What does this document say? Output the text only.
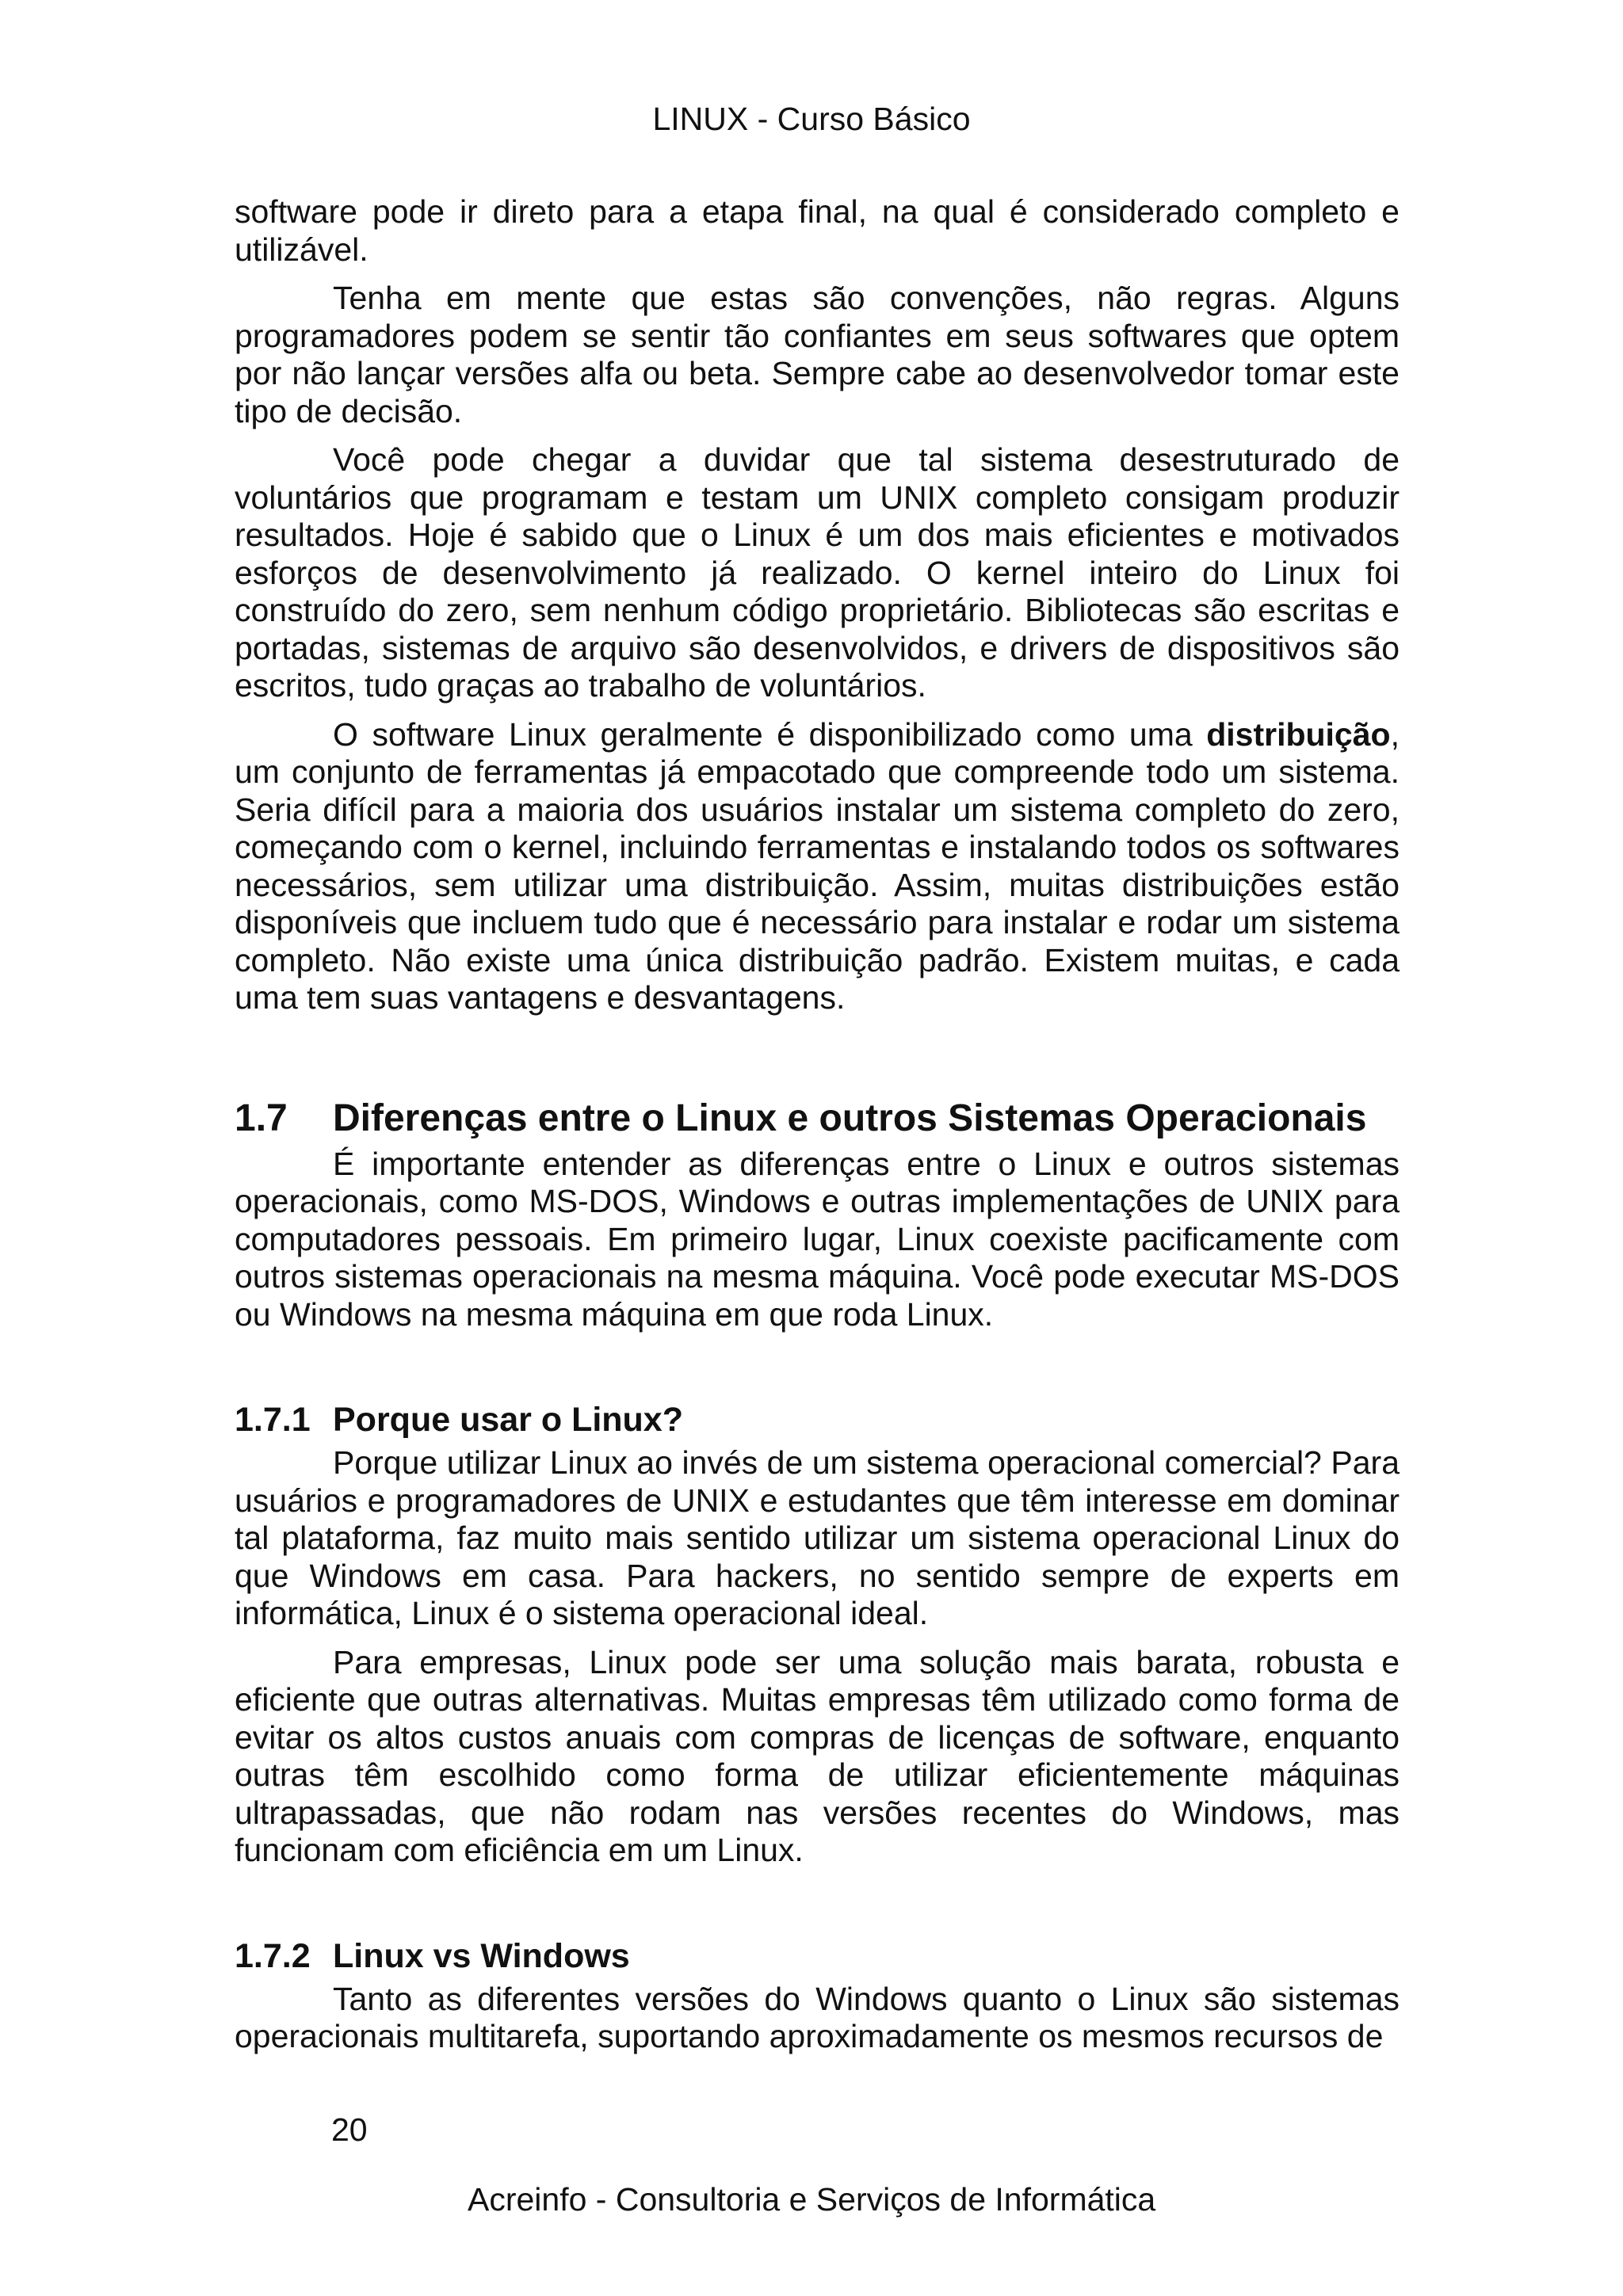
LINUX - Curso Básico

software pode ir direto para a etapa final, na qual é considerado completo e utilizável.

Tenha em mente que estas são convenções, não regras. Alguns programadores podem se sentir tão confiantes em seus softwares que optem por não lançar versões alfa ou beta. Sempre cabe ao desenvolvedor tomar este tipo de decisão.

Você pode chegar a duvidar que tal sistema desestruturado de voluntários que programam e testam um UNIX completo consigam produzir resultados. Hoje é sabido que o Linux é um dos mais eficientes e motivados esforços de desenvolvimento já realizado. O kernel inteiro do Linux foi construído do zero, sem nenhum código proprietário. Bibliotecas são escritas e portadas, sistemas de arquivo são desenvolvidos, e drivers de dispositivos são escritos, tudo graças ao trabalho de voluntários.

O software Linux geralmente é disponibilizado como uma distribuição, um conjunto de ferramentas já empacotado que compreende todo um sistema. Seria difícil para a maioria dos usuários instalar um sistema completo do zero, começando com o kernel, incluindo ferramentas e instalando todos os softwares necessários, sem utilizar uma distribuição. Assim, muitas distribuições estão disponíveis que incluem tudo que é necessário para instalar e rodar um sistema completo. Não existe uma única distribuição padrão. Existem muitas, e cada uma tem suas vantagens e desvantagens.

1.7	Diferenças entre o Linux e outros Sistemas Operacionais

É importante entender as diferenças entre o Linux e outros sistemas operacionais, como MS-DOS, Windows e outras implementações de UNIX para computadores pessoais. Em primeiro lugar, Linux coexiste pacificamente com outros sistemas operacionais na mesma máquina. Você pode executar MS-DOS ou Windows na mesma máquina em que roda Linux.

1.7.1 Porque usar o Linux?

Porque utilizar Linux ao invés de um sistema operacional comercial? Para usuários e programadores de UNIX e estudantes que têm interesse em dominar tal plataforma, faz muito mais sentido utilizar um sistema operacional Linux do que Windows em casa. Para hackers, no sentido sempre de experts em informática, Linux é o sistema operacional ideal.

Para empresas, Linux pode ser uma solução mais barata, robusta e eficiente que outras alternativas. Muitas empresas têm utilizado como forma de evitar os altos custos anuais com compras de licenças de software, enquanto outras têm escolhido como forma de utilizar eficientemente máquinas ultrapassadas, que não rodam nas versões recentes do Windows, mas funcionam com eficiência em um Linux.

1.7.2 Linux vs Windows

Tanto as diferentes versões do Windows quanto o Linux são sistemas operacionais multitarefa, suportando aproximadamente os mesmos recursos de

20
Acreinfo - Consultoria e Serviços de Informática
